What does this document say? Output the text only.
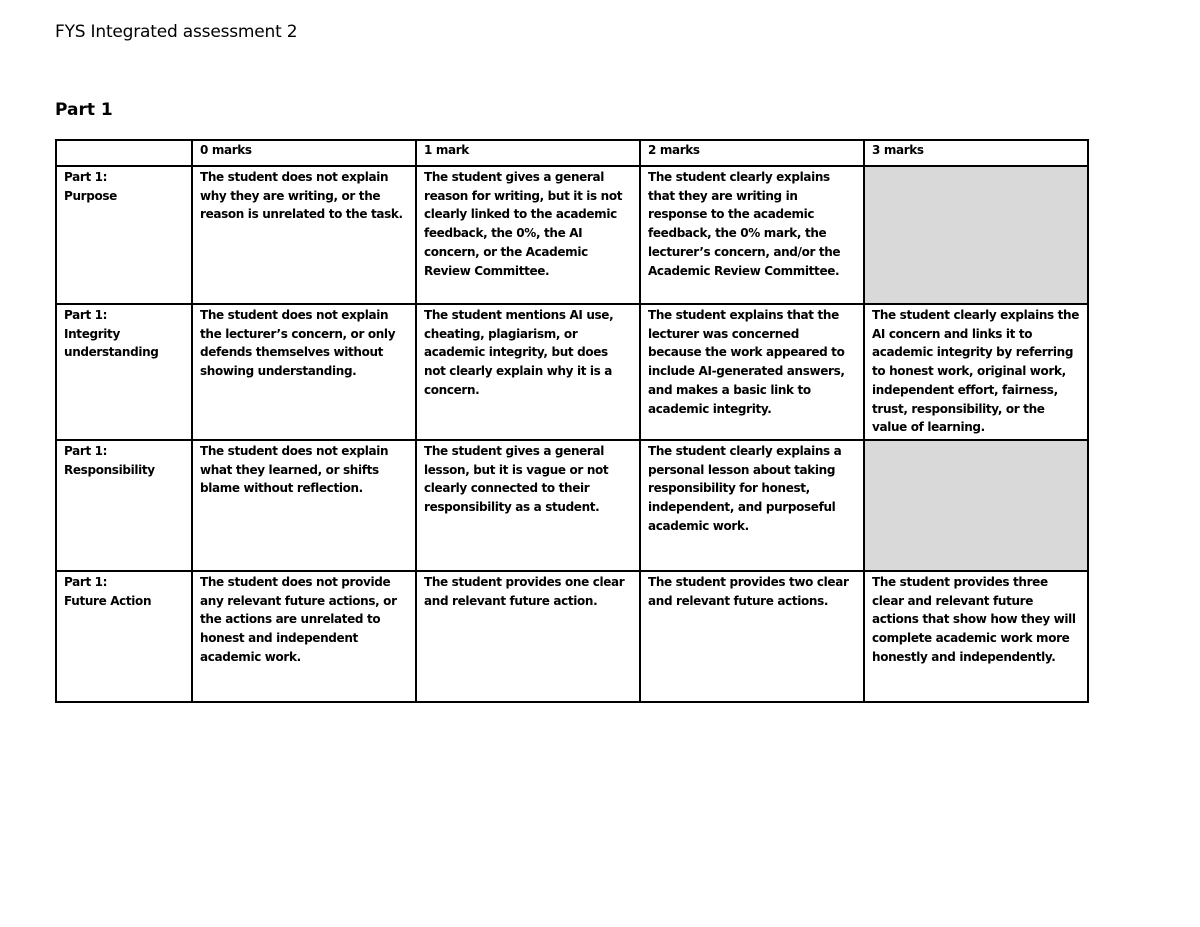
FYS Integrated assessment 2
Part 1
	0 marks	1 mark	2 marks	3 marks

Part 1:
Purpose	The student does not explain why they are writing, or the reason is unrelated to the task.	The student gives a general reason for writing, but it is not clearly linked to the academic feedback, the 0%, the AI concern, or the Academic Review Committee.	The student clearly explains that they are writing in response to the academic feedback, the 0% mark, the lecturer’s concern, and/or the Academic Review Committee.	

Part 1:
Integrity understanding	The student does not explain the lecturer’s concern, or only defends themselves without showing understanding.	The student mentions AI use, cheating, plagiarism, or academic integrity, but does not clearly explain why it is a concern.	The student explains that the lecturer was concerned because the work appeared to include AI-generated answers, and makes a basic link to academic integrity.	The student clearly explains the AI concern and links it to academic integrity by referring to honest work, original work, independent effort, fairness, trust, responsibility, or the value of learning.

Part 1:
Responsibility	The student does not explain what they learned, or shifts blame without reflection.	The student gives a general lesson, but it is vague or not clearly connected to their responsibility as a student.	The student clearly explains a personal lesson about taking responsibility for honest, independent, and purposeful academic work.	

Part 1:
Future Action	The student does not provide any relevant future actions, or the actions are unrelated to honest and independent academic work.	The student provides one clear and relevant future action.	The student provides two clear and relevant future actions.	The student provides three clear and relevant future actions that show how they will complete academic work more honestly and independently.
